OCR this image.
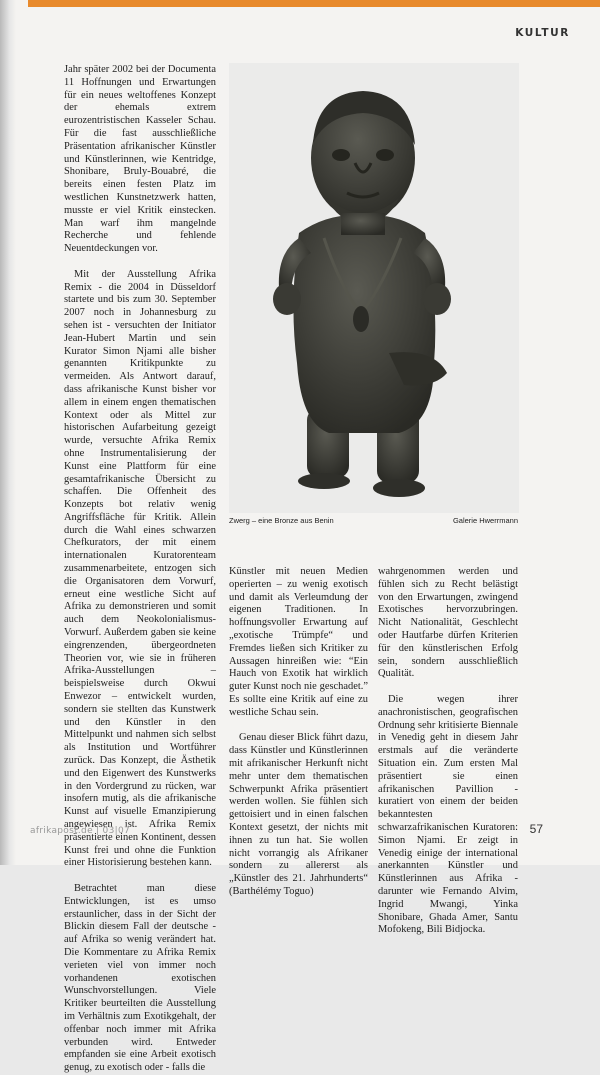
KULTUR

Jahr später 2002 bei der Documenta 11 Hoffnungen und Erwartungen für ein neues weltoffenes Konzept der ehemals extrem eurozentristischen Kasseler Schau. Für die fast ausschließliche Präsentation afrikanischer Künstler und Künstlerinnen, wie Kentridge, Shonibare, Bruly-Bouabré, die bereits einen festen Platz im westlichen Kunstnetzwerk hatten, musste er viel Kritik einstecken. Man warf ihm mangelnde Recherche und fehlende Neuentdeckungen vor.

Mit der Ausstellung Afrika Remix - die 2004 in Düsseldorf startete und bis zum 30. September 2007 noch in Johannesburg zu sehen ist - versuchten der Initiator Jean-Hubert Martin und sein Kurator Simon Njami alle bisher genannten Kritikpunkte zu vermeiden. Als Antwort darauf, dass afrikanische Kunst bisher vor allem in einem engen thematischen Kontext oder als Mittel zur historischen Aufarbeitung gezeigt wurde, versuchte Afrika Remix ohne Instrumentalisierung der Kunst eine Plattform für eine gesamtafrikanische Übersicht zu schaffen. Die Offenheit des Konzepts bot relativ wenig Angriffsfläche für Kritik. Allein durch die Wahl eines schwarzen Chefkurators, der mit einem internationalen Kuratorenteam zusammenarbeitete, entzogen sich die Organisatoren dem Vorwurf, erneut eine westliche Sicht auf Afrika zu demonstrieren und somit auch dem Neokolonialismus-Vorwurf. Außerdem gaben sie keine eingrenzenden, übergeordneten Theorien vor, wie sie in früheren Afrika-Ausstellungen – beispielsweise durch Okwui Enwezor – entwickelt wurden, sondern sie stellten das Kunstwerk und den Künstler in den Mittelpunkt und nahmen sich selbst als Institution und Wortführer zurück. Das Konzept, die Ästhetik und den Eigenwert des Kunstwerks in den Vordergrund zu rücken, war insofern mutig, als die afrikanische Kunst auf visuelle Emanzipierung angewiesen ist. Afrika Remix präsentierte einen Kontinent, dessen Kunst frei und ohne die Funktion einer Historisierung bestehen kann.

Betrachtet man diese Entwicklungen, ist es umso erstaunlicher, dass in der Sicht der Blickin diesem Fall der deutsche - auf Afrika so wenig verändert hat. Die Kommentare zu Afrika Remix verieten viel von immer noch vorhandenen exotischen Wunschvorstellungen. Viele Kritiker beurteilten die Ausstellung im Verhältnis zum Exotikgehalt, der offenbar noch immer mit Afrika verbunden wird. Entweder empfanden sie eine Arbeit exotisch genug, zu exotisch oder - falls die

Zwerg – eine Bronze aus Benin	Galerie Hwerrmann

Künstler mit neuen Medien operierten – zu wenig exotisch und damit als Verleumdung der eigenen Traditionen. In hoffnungsvoller Erwartung auf „exotische Trümpfe“ und Fremdes ließen sich Kritiker zu Aussagen hinreißen wie: “Ein Hauch von Exotik hat wirklich guter Kunst noch nie geschadet.” Es sollte eine Kritik auf eine zu westliche Schau sein.

Genau dieser Blick führt dazu, dass Künstler und Künstlerinnen mit afrikanischer Herkunft nicht mehr unter dem thematischen Schwerpunkt Afrika präsentiert werden wollen. Sie fühlen sich gettoisiert und in einen falschen Kontext gesetzt, der nichts mit ihnen zu tun hat. Sie wollen nicht vorrangig als Afrikaner sondern zu allererst als „Künstler des 21. Jahrhunderts“ (Barthélémy Toguo)

wahrgenommen werden und fühlen sich zu Recht belästigt von den Erwartungen, zwingend Exotisches hervorzubringen. Nicht Nationalität, Geschlecht oder Hautfarbe dürfen Kriterien für den künstlerischen Erfolg sein, sondern ausschließlich Qualität.

Die wegen ihrer anachronistischen, geografischen Ordnung sehr kritisierte Biennale in Venedig geht in diesem Jahr erstmals auf die veränderte Situation ein. Zum ersten Mal präsentiert sie einen afrikanischen Pavillion - kuratiert von einem der beiden bekanntesten schwarzafrikanischen Kuratoren: Simon Njami. Er zeigt in Venedig einige der international anerkannten Künstler und Künstlerinnen aus Afrika - darunter wie Fernando Alvim, Ingrid Mwangi, Yinka Shonibare, Ghada Amer, Santu Mofokeng, Bili Bidjocka.

afrikapost.de | 03|07	57
